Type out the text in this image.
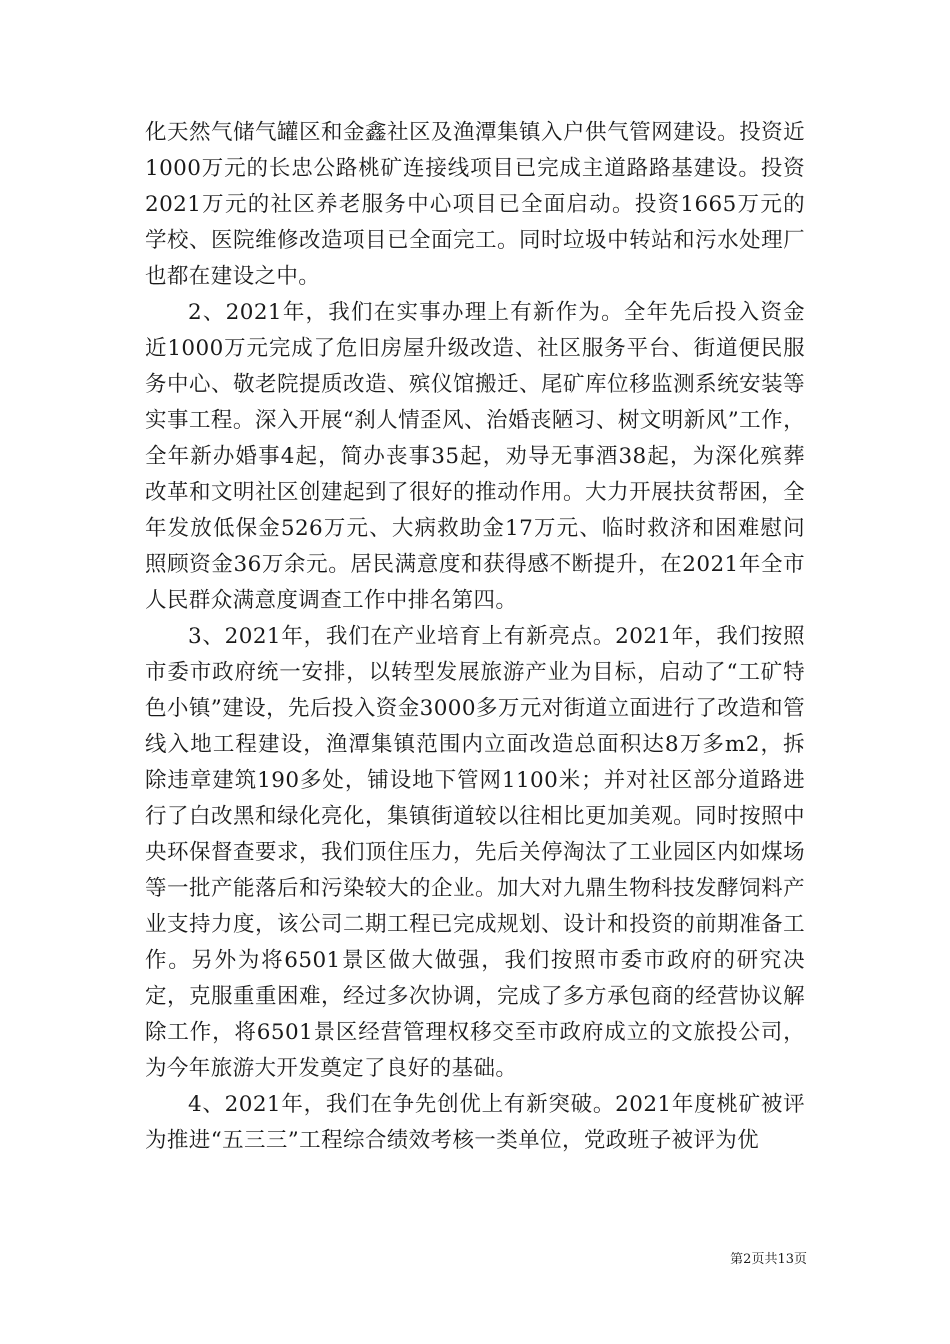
化天然气储气罐区和金鑫社区及渔潭集镇入户供气管网建设。投资近1000万元的长忠公路桃矿连接线项目已完成主道路路基建设。投资2021万元的社区养老服务中心项目已全面启动。投资1665万元的学校、医院维修改造项目已全面完工。同时垃圾中转站和污水处理厂也都在建设之中。

2、2021年，我们在实事办理上有新作为。全年先后投入资金近1000万元完成了危旧房屋升级改造、社区服务平台、街道便民服务中心、敬老院提质改造、殡仪馆搬迁、尾矿库位移监测系统安装等实事工程。深入开展“刹人情歪风、治婚丧陋习、树文明新风”工作，全年新办婚事4起，简办丧事35起，劝导无事酒38起，为深化殡葬改革和文明社区创建起到了很好的推动作用。大力开展扶贫帮困，全年发放低保金526万元、大病救助金17万元、临时救济和困难慰问照顾资金36万余元。居民满意度和获得感不断提升，在2021年全市人民群众满意度调查工作中排名第四。

3、2021年，我们在产业培育上有新亮点。2021年，我们按照市委市政府统一安排，以转型发展旅游产业为目标，启动了“工矿特色小镇”建设，先后投入资金3000多万元对街道立面进行了改造和管线入地工程建设，渔潭集镇范围内立面改造总面积达8万多m2，拆除违章建筑190多处，铺设地下管网1100米；并对社区部分道路进行了白改黑和绿化亮化，集镇街道较以往相比更加美观。同时按照中央环保督查要求，我们顶住压力，先后关停淘汰了工业园区内如煤场等一批产能落后和污染较大的企业。加大对九鼎生物科技发酵饲料产业支持力度，该公司二期工程已完成规划、设计和投资的前期准备工作。另外为将6501景区做大做强，我们按照市委市政府的研究决定，克服重重困难，经过多次协调，完成了多方承包商的经营协议解除工作，将6501景区经营管理权移交至市政府成立的文旅投公司，为今年旅游大开发奠定了良好的基础。

4、2021年，我们在争先创优上有新突破。2021年度桃矿被评为推进“五三三”工程综合绩效考核一类单位，党政班子被评为优

第2页共13页
